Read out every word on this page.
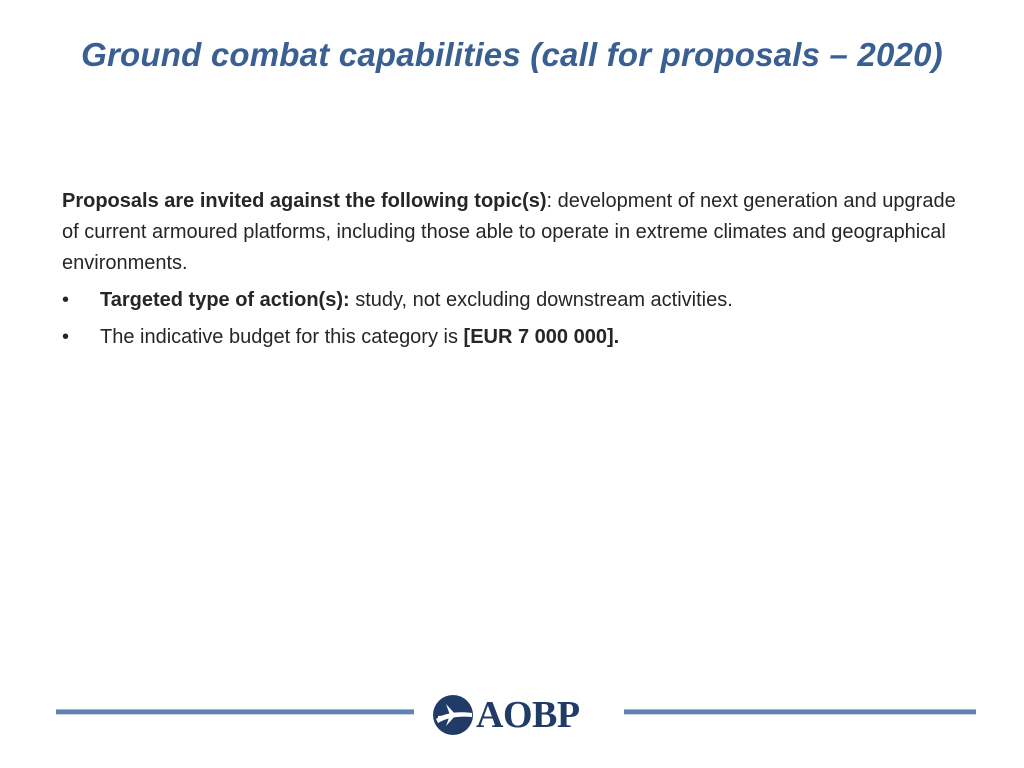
Ground combat capabilities (call for proposals – 2020)

Proposals are invited against the following topic(s): development of next generation and upgrade of current armoured platforms, including those able to operate in extreme climates and geographical environments.

•	Targeted type of action(s): study, not excluding downstream activities.
•	The indicative budget for this category is [EUR 7 000 000].
AOBP
